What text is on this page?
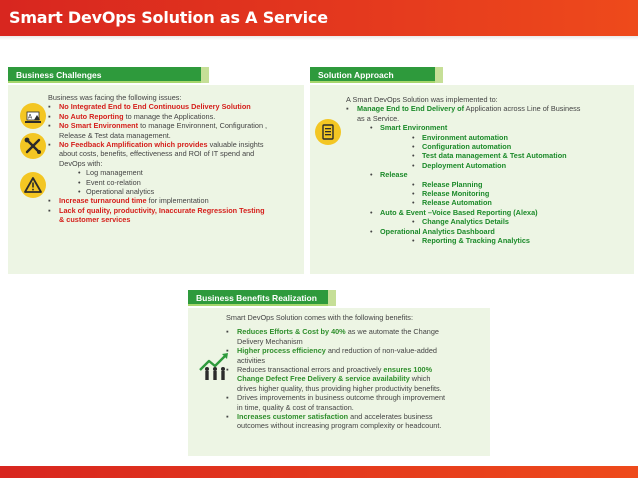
Smart DevOps Solution as A Service
Business Challenges
A

Business was facing the following issues:

▪ No Integrated End to End Continuous Delivery Solution
▪ No Auto Reporting to manage the Applications.
▪ No Smart Environment to manage Environnent, Configuration ,
Release & Test data management.
▪ No Feedback Amplification which provides valuable insights
about costs, benefits, effectiveness and ROI of IT spend and
DevOps with:
• Log management
• Event co-relation
• Operational analytics
▪ Increase turnaround time for implementation
▪ Lack of quality, productivity, Inaccurate Regression Testing
& customer services
Solution Approach

A Smart DevOps Solution was implemented to:

▪ Manage End to End Delivery of Application across Line of Business
as a Service.
• Smart Environment
• Environment automation
• Configuration automation
• Test data management & Test Automation
• Deployment Automation
• Release
• Release Planning
• Release Monitoring
• Release Automation
• Auto & Event –Voice Based Reporting (Alexa)
• Change Analytics Details
• Operational Analytics Dashboard
• Reporting & Tracking Analytics
Business Benefits Realization

Smart DevOps Solution comes with the following benefits:

▪ Reduces Efforts & Cost by 40% as we automate the Change
Delivery Mechanism
▪ Higher process efficiency and reduction of non-value-added
activities
▪ Reduces transactional errors and proactively ensures 100%
Change Defect Free Delivery & service availability which
drives higher quality, thus providing higher productivity benefits.
▪ Drives improvements in business outcome through improvement
in time, quality & cost of transaction.
▪ Increases customer satisfaction and accelerates business
outcomes without increasing program complexity or headcount.
